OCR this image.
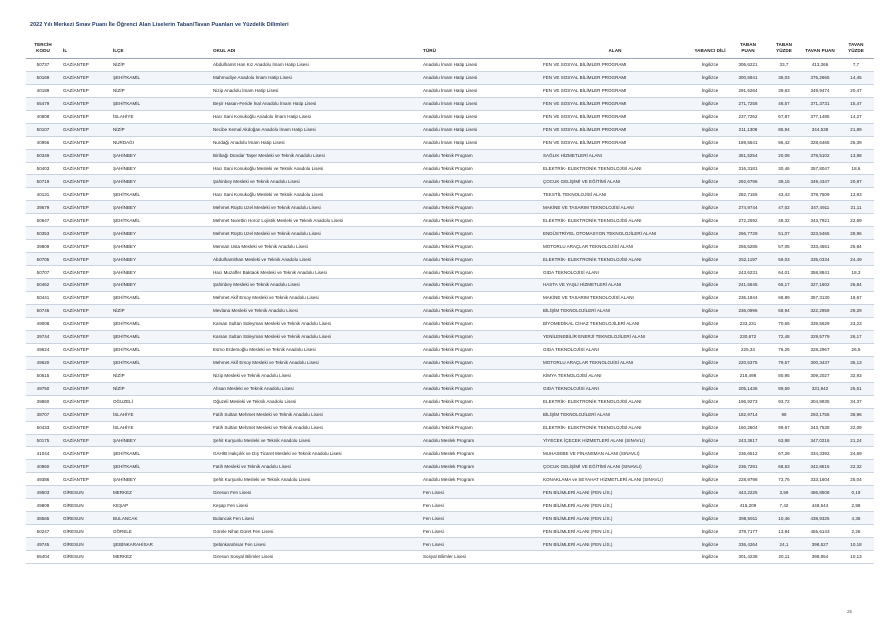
2022 Yılı Merkezi Sınav Puanı İle Öğrenci Alan Liselerin Taban/Tavan Puanları ve Yüzdelik Dilimleri
TERCİH KODU	İL	İLÇE	OKUL ADI	TÜRÜ	ALAN	YABANCI DİLİ	TABAN PUAN	TABAN YÜZDE	TAVAN PUAN	TAVAN YÜZDE
50737	GAZİANTEP	NİZİP	Abdulhamit Han Kız Anadolu İmam Hatip Lisesi	Anadolu İmam Hatip Lisesi	FEN VE SOSYAL BİLİMLER PROGRAMI	İngilizce	306,6221	33,7	413,366	7,7
50169	GAZİANTEP	ŞEHİTKAMİL	Mahmudiye Anadolu İmam Hatip Lisesi	Anadolu İmam Hatip Lisesi	FEN VE SOSYAL BİLİMLER PROGRAMI	İngilizce	300,5941	36,03	376,2665	14,45
40189	GAZİANTEP	NİZİP	Nizip Anadolu İmam Hatip Lisesi	Anadolu İmam Hatip Lisesi	FEN VE SOSYAL BİLİMLER PROGRAMI	İngilizce	291,5264	39,63	349,9474	20,47
65479	GAZİANTEP	ŞEHİTKAMİL	Beşir Hasan-Feride İnal Anadolu İmam Hatip Lisesi	Anadolu İmam Hatip Lisesi	FEN VE SOSYAL BİLİMLER PROGRAMI	İngilizce	271,7258	48,57	371,3731	15,47
40808	GAZİANTEP	İSLAHİYE	Hacı Sani Konukoğlu Anadolu İmam Hatip Lisesi	Anadolu İmam Hatip Lisesi	FEN VE SOSYAL BİLİMLER PROGRAMI	İngilizce	237,7262	67,87	377,1485	14,27
50107	GAZİANTEP	NİZİP	Necibe Kemal Akdoğan Anadolu İmam Hatip Lisesi	Anadolu İmam Hatip Lisesi	FEN VE SOSYAL BİLİMLER PROGRAMI	İngilizce	211,1308	85,94	344,538	21,89
40956	GAZİANTEP	NURDAĞI	Nurdağı Anadolu İmam Hatip Lisesi	Anadolu İmam Hatip Lisesi	FEN VE SOSYAL BİLİMLER PROGRAMI	İngilizce	189,5541	96,42	328,6465	26,39
50349	GAZİANTEP	ŞAHİNBEY	Biribağı Dündar Taşer Mesleki ve Teknik Anadolu Lisesi	Anadolu Teknik Program	SAĞLIK HİZMETLERİ ALANI	İngilizce	351,5254	20,08	378,5102	13,98
50403	GAZİANTEP	ŞAHİNBEY	Hacı Sani Konukoğlu Mesleki ve Teknik Anadolu Lisesi	Anadolu Teknik Program	ELEKTRİK- ELEKTRONİK TEKNOLOJİSİ ALANI	İngilizce	316,3181	30,46	357,8047	18,6
50719	GAZİANTEP	ŞAHİNBEY	Şahinbey Mesleki ve Teknik Anadolu Lisesi	Anadolu Teknik Program	ÇOCUK GELİŞİMİ VE EĞİTİMİ ALANI	İngilizce	292,6796	39,15	349,4347	20,87
40131	GAZİANTEP	ŞEHİTKAMİL	Hacı Sani Konukoğlu Mesleki ve Teknik Anadolu Lisesi	Anadolu Teknik Program	TEKSTİL TEKNOLOJİSİ ALANI	İngilizce	282,7155	43,43	378,7509	13,93
39679	GAZİANTEP	ŞAHİNBEY	Mehmet Rüştü Uzel Mesleki ve Teknik Anadolu Lisesi	Anadolu Teknik Program	MAKİNE VE TASARIM TEKNOLOJİSİ ALANI	İngilizce	274,9744	47,02	347,4911	21,11
50647	GAZİANTEP	ŞEHİTKAMİL	Mehmet Nurettin Horoz Lojistik Mesleki ve Teknik Anadolu Lisesi	Anadolu Teknik Program	ELEKTRİK- ELEKTRONİK TEKNOLOJİSİ ALANI	İngilizce	272,2592	48,32	343,7921	22,69
50353	GAZİANTEP	ŞAHİNBEY	Mehmet Rüştü Uzel Mesleki ve Teknik Anadolu Lisesi	Anadolu Teknik Program	ENDÜSTRİYEL OTOMASYON TEKNOLOJİLERİ ALANI	İngilizce	266,7729	51,07	323,5465	28,96
39809	GAZİANTEP	ŞAHİNBEY	Mennan Usta Mesleki ve Teknik Anadolu Lisesi	Anadolu Teknik Program	MOTORLU ARAÇLAR TEKNOLOJİSİ ALANI	İngilizce	255,5285	57,05	333,4551	25,84
50705	GAZİANTEP	ŞAHİNBEY	Abdulhamithan Mesleki ve Teknik Anadolu Lisesi	Anadolu Teknik Program	ELEKTRİK- ELEKTRONİK TEKNOLOJİSİ ALANI	İngilizce	252,1197	59,03	335,0334	24,49
50707	GAZİANTEP	ŞAHİNBEY	Hacı Muzaffer Baktaok Mesleki ve Teknik Anadolu Lisesi	Anadolu Teknik Program	GIDA TEKNOLOJİSİ ALANI	İngilizce	243,6231	64,01	358,8841	18,3
50462	GAZİANTEP	ŞAHİNBEY	Şahinbey Mesleki ve Teknik Anadolu Lisesi	Anadolu Teknik Program	HASTA VE YAŞLI HİZMETLERİ ALANI	İngilizce	241,5645	65,17	327,1602	26,84
50441	GAZİANTEP	ŞEHİTKAMİL	Mehmet Akif Ersoy Mesleki ve Teknik Anadolu Lisesi	Anadolu Teknik Program	MAKİNE VE TASARIM TEKNOLOJİSİ ALANI	İngilizce	236,1844	68,89	357,3130	18,67
50746	GAZİANTEP	NİZİP	Mevlana Mesleki ve Teknik Anadolu Lisesi	Anadolu Teknik Program	BİLİŞİM TEKNOLOJİLERİ ALANI	İngilizce	236,0996	68,94	322,2959	29,29
49008	GAZİANTEP	ŞEHİTKAMİL	Karsan Sultan Süleyman Mesleki ve Teknik Anadolu Lisesi	Anadolu Teknik Program	BİYOMEDİKAL CİHAZ TEKNOLOJİLERİ ALANI	İngilizce	233,231	70,65	339,5629	23,23
39744	GAZİANTEP	ŞEHİTKAMİL	Karsan Sultan Süleyman Mesleki ve Teknik Anadolu Lisesi	Anadolu Teknik Program	YENİLENEBİLİR ENERJİ TEKNOLOJİLERİ ALANI	İngilizce	230,672	72,48	329,5779	26,17
49624	GAZİANTEP	ŞEHİTKAMİL	Esmo Erdemoğlu Mesleki ve Teknik Anadolu Lisesi	Anadolu Teknik Program	GIDA TEKNOLOJİSİ ALANI	İngilizce	225,34	76,25	328,2967	26,5
49620	GAZİANTEP	ŞEHİTKAMİL	Mehmet Akif Ersoy Mesleki ve Teknik Anadolu Lisesi	Anadolu Teknik Program	MOTORLU ARAÇLAR TEKNOLOJİSİ ALANI	İngilizce	220,5375	79,57	300,3437	35,13
50615	GAZİANTEP	NİZİP	Nizip Mesleki ve Teknik Anadolu Lisesi	Anadolu Teknik Program	KİMYA TEKNOLOJİSİ ALANI	İngilizce	218,498	80,95	309,2027	32,93
49750	GAZİANTEP	NİZİP	Ahsan Mesleki ve Teknik Anadolu Lisesi	Anadolu Teknik Program	GIDA TEKNOLOJİSİ ALANI	İngilizce	205,1436	89,59	331,942	25,51
39860	GAZİANTEP	OĞUZELİ	Oğuzeli Mesleki ve Teknik Anadolu Lisesi	Anadolu Teknik Program	ELEKTRİK- ELEKTRONİK TEKNOLOJİSİ ALANI	İngilizce	196,9273	93,72	304,9935	34,37
38707	GAZİANTEP	İSLAHİYE	Fatih Sultan Mehmet Mesleki ve Teknik Anadolu Lisesi	Anadolu Teknik Program	BİLİŞİM TEKNOLOJİLERİ ALANI	İngilizce	182,9714	98	293,1755	38,96
50433	GAZİANTEP	İSLAHİYE	Fatih Sultan Mehmet Mesleki ve Teknik Anadolu Lisesi	Anadolu Teknik Program	ELEKTRİK- ELEKTRONİK TEKNOLOJİSİ ALANI	İngilizce	160,2604	99,67	343,7535	22,09
50175	GAZİANTEP	ŞAHİNBEY	Şehit Kurşunlu Mesleki ve Teknik Anadolu Lisesi	Anadolu Meslek Program	YİYECEK İÇECEK HİZMETLERİ ALANI (SINAVLI)	İngilizce	243,3617	63,98	347,0216	21,24
41044	GAZİANTEP	ŞEHİTKAMİL	GAHİB Hakçılık ve Dış Ticaret Mesleki ve Teknik Anadolu Lisesi	Anadolu Meslek Program	MUHASEBE VE FİNANSMAN ALANI (SINAVLI)	İngilizce	236,6512	67,28	334,3392	24,69
40860	GAZİANTEP	ŞEHİTKAMİL	Fatih Mesleki ve Teknik Anadolu Lisesi	Anadolu Meslek Program	ÇOCUK GELİŞİMİ VE EĞİTİMİ ALANI (SINAVLI)	İngilizce	236,7291	68,53	342,8615	22,32
49386	GAZİANTEP	ŞAHİNBEY	Şehit Kurşunlu Mesleki ve Teknik Anadolu Lisesi	Anadolu Meslek Program	KONAKLAMA ve SEYAHAT HİZMETLERİ ALANI (SINAVLI)	İngilizce	228,9798	73,76	333,1604	25,04
49503	GİRESUN	MERKEZ	Giresun Fen Lisesi	Fen Lisesi	FEN BİLİMLERİ ALANI (FEN LİS.)	İngilizce	443,2225	3,59	486,8508	0,19
49808	GİRESUN	KEŞAP	Keşap Fen Lisesi	Fen Lisesi	FEN BİLİMLERİ ALANI (FEN LİS.)	İngilizce	415,209	7,42	448,544	2,98
38565	GİRESUN	BULANCAK	Bulancak Fen Lisesi	Fen Lisesi	FEN BİLİMLERİ ALANI (FEN LİS.)	İngilizce	398,5911	10,46	438,9325	4,36
50247	GİRESUN	GÖRELE	Görele Nihat Güret Fen Lisesi	Fen Lisesi	FEN BİLİMLERİ ALANI (FEN LİS.)	İngilizce	378,7177	13,94	455,6143	2,26
49745	GİRESUN	ŞEBİNKARAHİSAR	Şebinkarahisar Fen Lisesi	Fen Lisesi	FEN BİLİMLERİ ALANI (FEN LİS.)	İngilizce	336,4264	24,1	398,527	10,18
65404	GİRESUN	MERKEZ	Giresun Sosyal Bilimler Lisesi	Sosyal Bilimler Lisesi		İngilizce	301,4238	20,11	398,854	10,13
25
